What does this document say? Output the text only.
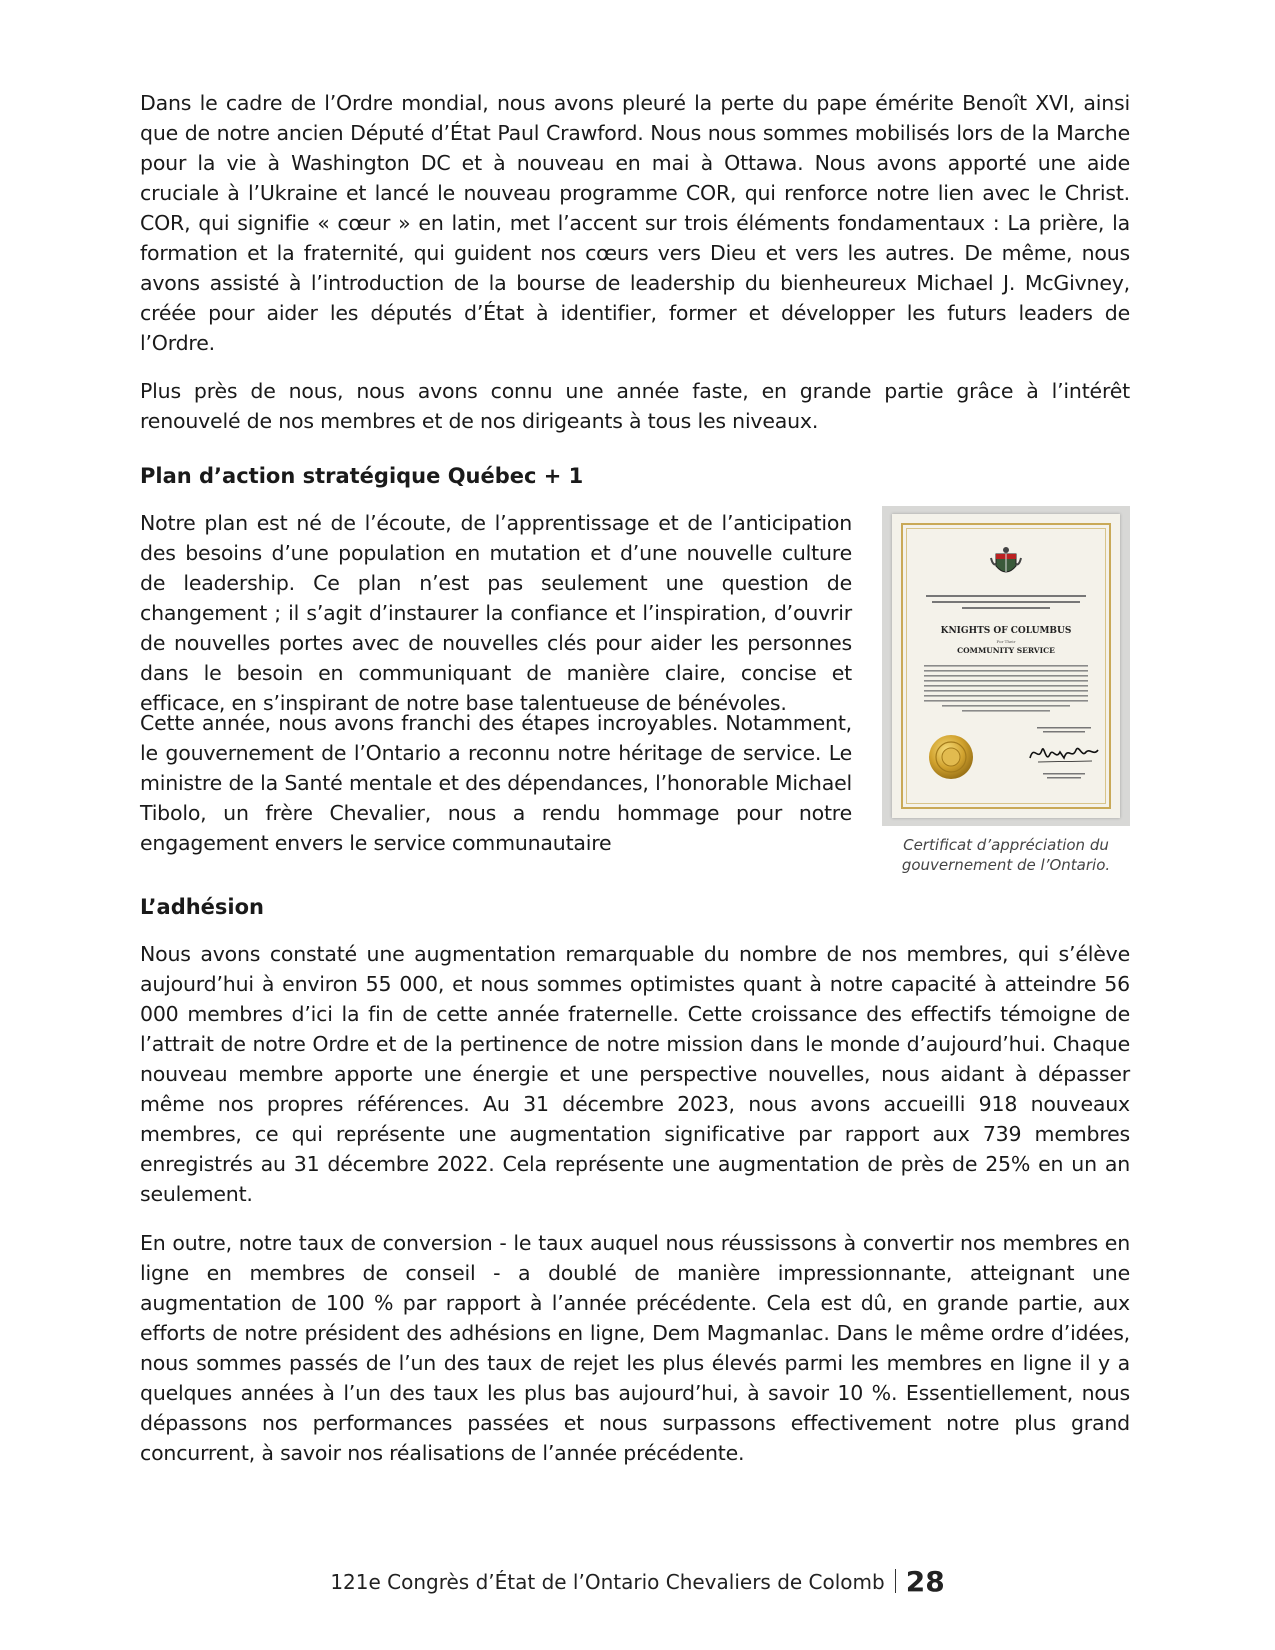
Dans le cadre de l’Ordre mondial, nous avons pleuré la perte du pape émérite Benoît XVI, ainsi que de notre ancien Député d’État Paul Crawford. Nous nous sommes mobilisés lors de la Marche pour la vie à Washington DC et à nouveau en mai à Ottawa. Nous avons apporté une aide cruciale à l’Ukraine et lancé le nouveau programme COR, qui renforce notre lien avec le Christ. COR, qui signifie « cœur » en latin, met l’accent sur trois éléments fondamentaux : La prière, la formation et la fraternité, qui guident nos cœurs vers Dieu et vers les autres. De même, nous avons assisté à l’introduction de la bourse de leadership du bienheureux Michael J. McGivney, créée pour aider les députés d’État à identifier, former et développer les futurs leaders de l’Ordre.

Plus près de nous, nous avons connu une année faste, en grande partie grâce à l’intérêt renouvelé de nos membres et de nos dirigeants à tous les niveaux.

Plan d’action stratégique Québec + 1

Notre plan est né de l’écoute, de l’apprentissage et de l’anticipation des besoins d’une population en mutation et d’une nouvelle culture de leadership. Ce plan n’est pas seulement une question de changement ; il s’agit d’instaurer la confiance et l’inspiration, d’ouvrir de nouvelles portes avec de nouvelles clés pour aider les personnes dans le besoin en communiquant de manière claire, concise et efficace, en s’inspirant de notre base talentueuse de bénévoles.

Cette année, nous avons franchi des étapes incroyables. Notamment, le gouvernement de l’Ontario a reconnu notre héritage de service. Le ministre de la Santé mentale et des dépendances, l’honorable Michael Tibolo, un frère Chevalier, nous a rendu hommage pour notre engagement envers le service communautaire

KNIGHTS OF COLUMBUS
For Their
COMMUNITY SERVICE

Certificat d’appréciation du gouvernement de l’Ontario.

L’adhésion

Nous avons constaté une augmentation remarquable du nombre de nos membres, qui s’élève aujourd’hui à environ 55 000, et nous sommes optimistes quant à notre capacité à atteindre 56 000 membres d’ici la fin de cette année fraternelle. Cette croissance des effectifs témoigne de l’attrait de notre Ordre et de la pertinence de notre mission dans le monde d’aujourd’hui. Chaque nouveau membre apporte une énergie et une perspective nouvelles, nous aidant à dépasser même nos propres références. Au 31 décembre 2023, nous avons accueilli 918 nouveaux membres, ce qui représente une augmentation significative par rapport aux 739 membres enregistrés au 31 décembre 2022. Cela représente une augmentation de près de 25% en un an seulement.

En outre, notre taux de conversion - le taux auquel nous réussissons à convertir nos membres en ligne en membres de conseil - a doublé de manière impressionnante, atteignant une augmentation de 100 % par rapport à l’année précédente. Cela est dû, en grande partie, aux efforts de notre président des adhésions en ligne, Dem Magmanlac. Dans le même ordre d’idées, nous sommes passés de l’un des taux de rejet les plus élevés parmi les membres en ligne il y a quelques années à l’un des taux les plus bas aujourd’hui, à savoir 10 %. Essentiellement, nous dépassons nos performances passées et nous surpassons effectivement notre plus grand concurrent, à savoir nos réalisations de l’année précédente.

121e Congrès d’État de l’Ontario Chevaliers de Colomb 28
